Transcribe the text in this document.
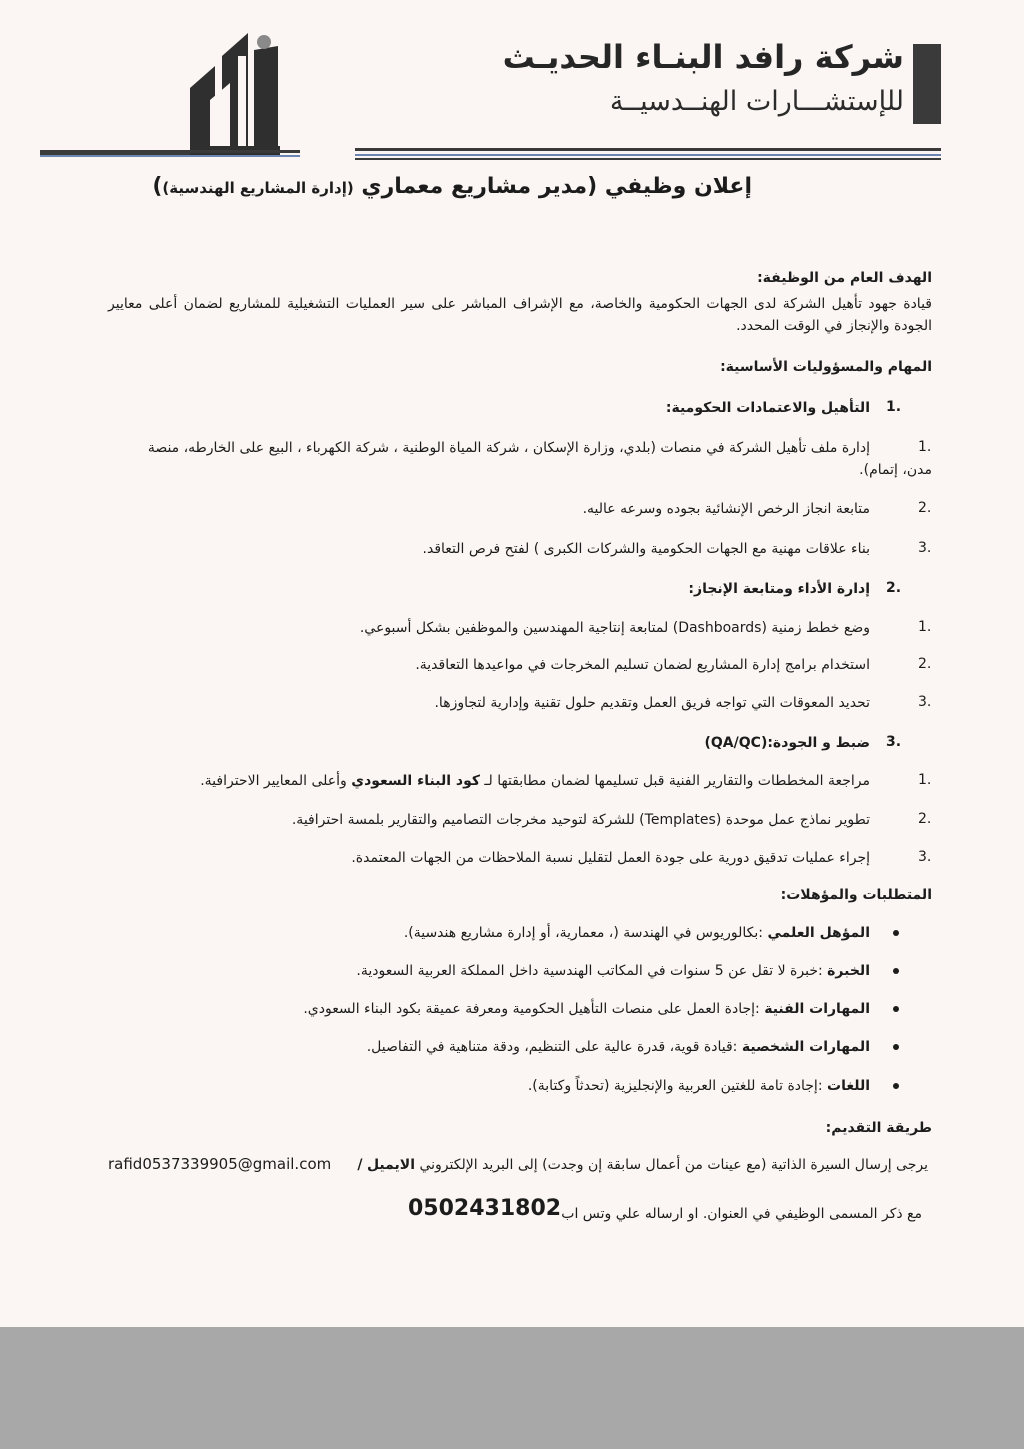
شركة رافد البنـاء الحديـث
للإستشـــارات الهنــدسيــة
إعلان وظيفي (مدير مشاريع معماري (إدارة المشاريع الهندسية))
الهدف العام من الوظيفة:
قيادة جهود تأهيل الشركة لدى الجهات الحكومية والخاصة، مع الإشراف المباشر على سير العمليات التشغيلية للمشاريع لضمان أعلى معايير الجودة والإنجاز في الوقت المحدد.
المهام والمسؤوليات الأساسية:
1.
التأهيل والاعتمادات الحكومية:
1.
إدارة ملف تأهيل الشركة في منصات (بلدي، وزارة الإسكان ، شركة المياة الوطنية ، شركة الكهرباء ، البيع على الخارطه، منصة
مدن، إتمام).
2.
متابعة انجاز الرخص الإنشائية بجوده وسرعه عاليه.
3.
بناء علاقات مهنية مع الجهات الحكومية والشركات الكبرى ) لفتح فرص التعاقد.
2.
إدارة الأداء ومتابعة الإنجاز:
1.
وضع خطط زمنية (Dashboards) لمتابعة إنتاجية المهندسين والموظفين بشكل أسبوعي.
2.
استخدام برامج إدارة المشاريع لضمان تسليم المخرجات في مواعيدها التعاقدية.
3.
تحديد المعوقات التي تواجه فريق العمل وتقديم حلول تقنية وإدارية لتجاوزها.
3.
ضبط و الجودة:(QA/QC)
1.
مراجعة المخططات والتقارير الفنية قبل تسليمها لضمان مطابقتها لـ كود البناء السعودي وأعلى المعايير الاحترافية.
2.
تطوير نماذج عمل موحدة (Templates) للشركة لتوحيد مخرجات التصاميم والتقارير بلمسة احترافية.
3.
إجراء عمليات تدقيق دورية على جودة العمل لتقليل نسبة الملاحظات من الجهات المعتمدة.
المتطلبات والمؤهلات:
المؤهل العلمي :بكالوريوس في الهندسة (، معمارية، أو إدارة مشاريع هندسية).
الخبرة :خبرة لا تقل عن 5 سنوات في المكاتب الهندسية داخل المملكة العربية السعودية.
المهارات الفنية :إجادة العمل على منصات التأهيل الحكومية ومعرفة عميقة بكود البناء السعودي.
المهارات الشخصية :قيادة قوية، قدرة عالية على التنظيم، ودقة متناهية في التفاصيل.
اللغات :إجادة تامة للغتين العربية والإنجليزية (تحدثاً وكتابة).
طريقة التقديم:
يرجى إرسال السيرة الذاتية (مع عينات من أعمال سابقة إن وجدت) إلى البريد الإلكتروني الايميل /
rafid0537339905@gmail.com
مع ذكر المسمى الوظيفي في العنوان. او ارساله علي وتس اب
0502431802
